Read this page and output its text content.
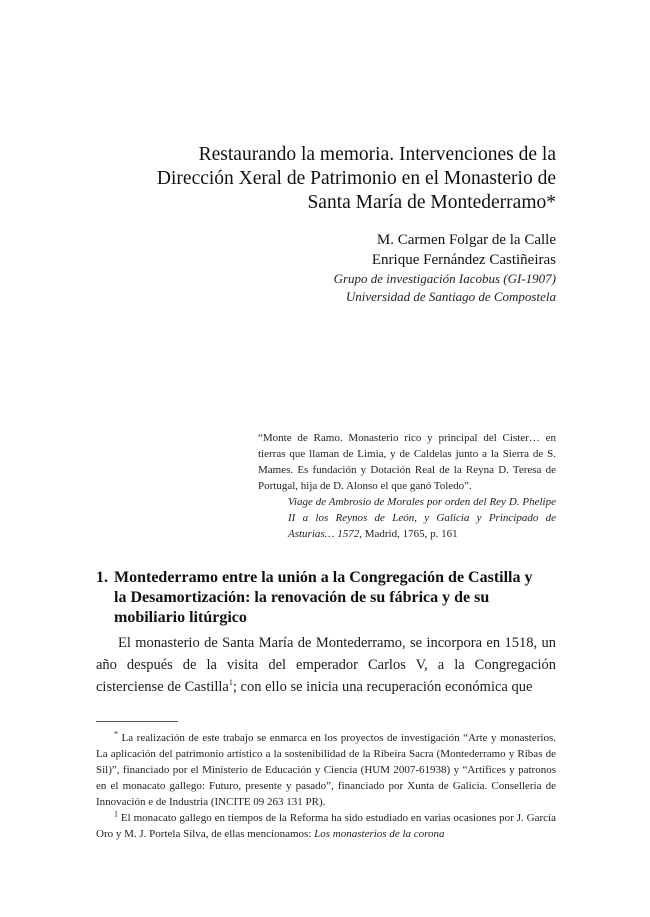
Restaurando la memoria. Intervenciones de la
Dirección Xeral de Patrimonio en el Monasterio de
Santa María de Montederramo*
M. Carmen Folgar de la Calle
Enrique Fernández Castiñeiras
Grupo de investigación Iacobus (GI-1907)
Universidad de Santiago de Compostela
“Monte de Ramo. Monasterio rico y principal del Cister… en tierras que llaman de Limia, y de Caldelas junto a la Sierra de S. Mames. Es fundación y Dotación Real de la Reyna D. Teresa de Portugal, hija de D. Alonso el que ganó Toledo”.
Viage de Ambrosio de Morales por orden del Rey D. Phelipe II a los Reynos de León, y Galicia y Principado de Asturias… 1572, Madrid, 1765, p. 161
1. Montederramo entre la unión a la Congregación de Castilla y la Desamortización: la renovación de su fábrica y de su mobiliario litúrgico

El monasterio de Santa María de Montederramo, se incorpora en 1518, un año después de la visita del emperador Carlos V, a la Congregación cisterciense de Castilla$^1$; con ello se inicia una recuperación económica que

* La realización de este trabajo se enmarca en los proyectos de investigación “Arte y monasterios. La aplicación del patrimonio artístico a la sostenibilidad de la Ribeira Sacra (Montederramo y Ribas de Sil)”, financiado por el Ministerio de Educación y Ciencia (HUM 2007-61938) y “Artífices y patronos en el monacato gallego: Futuro, presente y pasado”, financiado por Xunta de Galicia. Consellería de Innovación e de Industria (INCITE 09 263 131 PR).

$^1$ El monacato gallego en tiempos de la Reforma ha sido estudiado en varias ocasiones por J. García Oro y M. J. Portela Silva, de ellas mencionamos: Los monasterios de la corona
